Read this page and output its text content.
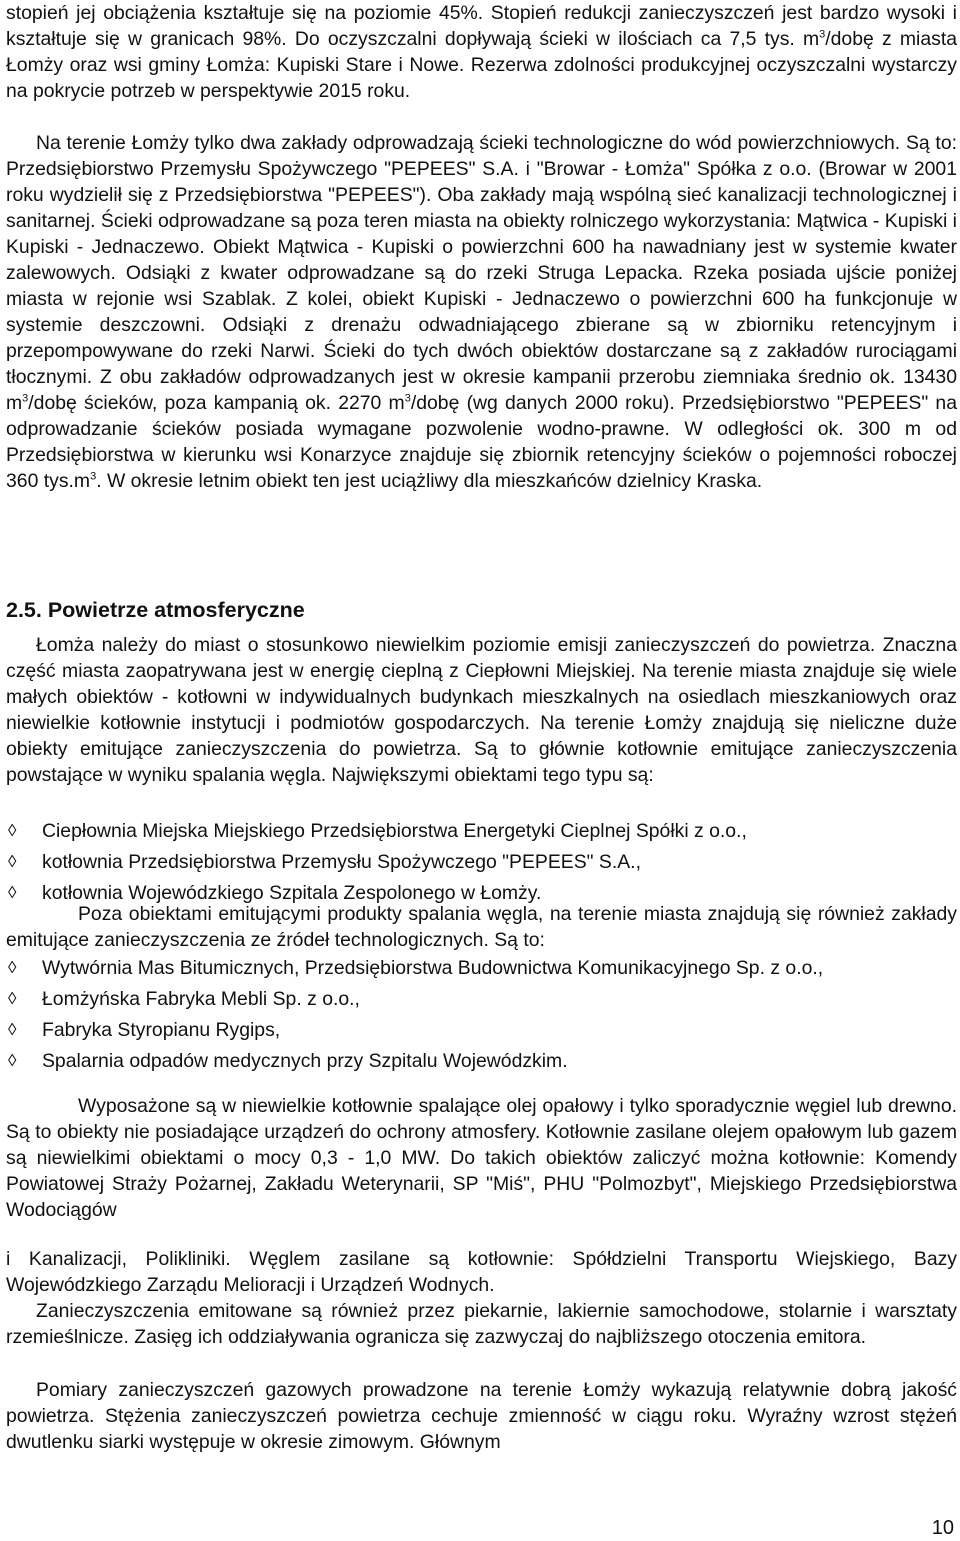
stopień jej obciążenia kształtuje się na poziomie 45%. Stopień redukcji zanieczyszczeń jest bardzo wysoki i kształtuje się w granicach 98%. Do oczyszczalni dopływają ścieki w ilościach ca 7,5 tys. $m^3$/dobę z miasta Łomży oraz wsi gminy Łomża: Kupiski Stare i Nowe. Rezerwa zdolności produkcyjnej oczyszczalni wystarczy na pokrycie potrzeb w perspektywie 2015 roku.

Na terenie Łomży tylko dwa zakłady odprowadzają ścieki technologiczne do wód powierzchniowych. Są to: Przedsiębiorstwo Przemysłu Spożywczego "PEPEES" S.A. i "Browar - Łomża" Spółka z o.o. (Browar w 2001 roku wydzielił się z Przedsiębiorstwa "PEPEES"). Oba zakłady mają wspólną sieć kanalizacji technologicznej i sanitarnej. Ścieki odprowadzane są poza teren miasta na obiekty rolniczego wykorzystania: Mątwica - Kupiski i Kupiski - Jednaczewo. Obiekt Mątwica - Kupiski o powierzchni 600 ha nawadniany jest w systemie kwater zalewowych. Odsiąki z kwater odprowadzane są do rzeki Struga Lepacka. Rzeka posiada ujście poniżej miasta w rejonie wsi Szablak. Z kolei, obiekt Kupiski - Jednaczewo o powierzchni 600 ha funkcjonuje w systemie deszczowni. Odsiąki z drenażu odwadniającego zbierane są w zbiorniku retencyjnym i przepompowywane do rzeki Narwi. Ścieki do tych dwóch obiektów dostarczane są z zakładów rurociągami tłocznymi. Z obu zakładów odprowadzanych jest w okresie kampanii przerobu ziemniaka średnio ok. 13430 $m^3$/dobę ścieków, poza kampanią ok. 2270 $m^3$/dobę (wg danych 2000 roku). Przedsiębiorstwo "PEPEES" na odprowadzanie ścieków posiada wymagane pozwolenie wodno-prawne. W odległości ok. 300 m od Przedsiębiorstwa w kierunku wsi Konarzyce znajduje się zbiornik retencyjny ścieków o pojemności roboczej 360 $tys.m^3$. W okresie letnim obiekt ten jest uciążliwy dla mieszkańców dzielnicy Kraska.

2.5. Powietrze atmosferyczne

Łomża należy do miast o stosunkowo niewielkim poziomie emisji zanieczyszczeń do powietrza. Znaczna część miasta zaopatrywana jest w energię cieplną z Ciepłowni Miejskiej. Na terenie miasta znajduje się wiele małych obiektów - kotłowni w indywidualnych budynkach mieszkalnych na osiedlach mieszkaniowych oraz niewielkie kotłownie instytucji i podmiotów gospodarczych. Na terenie Łomży znajdują się nieliczne duże obiekty emitujące zanieczyszczenia do powietrza. Są to głównie kotłownie emitujące zanieczyszczenia powstające w wyniku spalania węgla. Największymi obiektami tego typu są:

◊ Ciepłownia Miejska Miejskiego Przedsiębiorstwa Energetyki Cieplnej Spółki z o.o.,
◊ kotłownia Przedsiębiorstwa Przemysłu Spożywczego "PEPEES" S.A.,
◊ kotłownia Wojewódzkiego Szpitala Zespolonego w Łomży.

Poza obiektami emitującymi produkty spalania węgla, na terenie miasta znajdują się również zakłady emitujące zanieczyszczenia ze źródeł technologicznych. Są to:

◊ Wytwórnia Mas Bitumicznych, Przedsiębiorstwa Budownictwa Komunikacyjnego Sp. z o.o.,
◊ Łomżyńska Fabryka Mebli Sp. z o.o.,
◊ Fabryka Styropianu Rygips,
◊ Spalarnia odpadów medycznych przy Szpitalu Wojewódzkim.

Wyposażone są w niewielkie kotłownie spalające olej opałowy i tylko sporadycznie węgiel lub drewno. Są to obiekty nie posiadające urządzeń do ochrony atmosfery. Kotłownie zasilane olejem opałowym lub gazem są niewielkimi obiektami o mocy 0,3 - 1,0 MW. Do takich obiektów zaliczyć można kotłownie: Komendy Powiatowej Straży Pożarnej, Zakładu Weterynarii, SP "Miś", PHU "Polmozbyt", Miejskiego Przedsiębiorstwa Wodociągów

i Kanalizacji, Polikliniki. Węglem zasilane są kotłownie: Spółdzielni Transportu Wiejskiego, Bazy Wojewódzkiego Zarządu Melioracji i Urządzeń Wodnych.

Zanieczyszczenia emitowane są również przez piekarnie, lakiernie samochodowe, stolarnie i warsztaty rzemieślnicze. Zasięg ich oddziaływania ogranicza się zazwyczaj do najbliższego otoczenia emitora.

Pomiary zanieczyszczeń gazowych prowadzone na terenie Łomży wykazują relatywnie dobrą jakość powietrza. Stężenia zanieczyszczeń powietrza cechuje zmienność w ciągu roku. Wyraźny wzrost stężeń dwutlenku siarki występuje w okresie zimowym. Głównym

10
